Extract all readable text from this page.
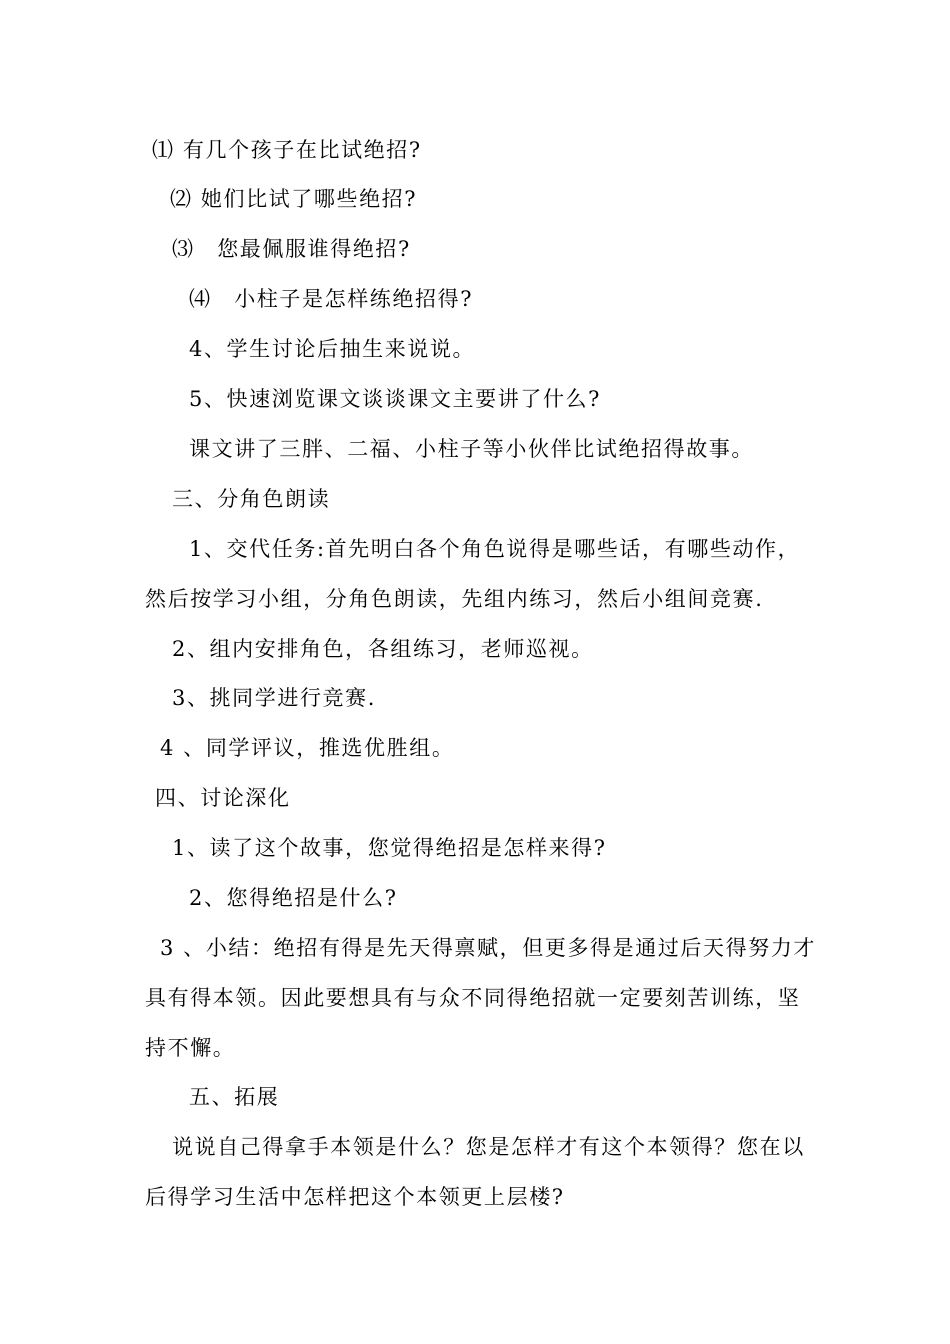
⑴ 有几个孩子在比试绝招?
⑵ 她们比试了哪些绝招?
⑶　您最佩服谁得绝招?
⑷　小柱子是怎样练绝招得?
4、学生讨论后抽生来说说。
5、快速浏览课文谈谈课文主要讲了什么?
课文讲了三胖、二福、小柱子等小伙伴比试绝招得故事。
三、分角色朗读
1、交代任务:首先明白各个角色说得是哪些话，有哪些动作，
然后按学习小组，分角色朗读，先组内练习，然后小组间竞赛.
2、组内安排角色，各组练习，老师巡视。
3、挑同学进行竞赛.
4 、同学评议，推选优胜组。
四、讨论深化
1、读了这个故事，您觉得绝招是怎样来得?
2、您得绝招是什么?
3 、小结：绝招有得是先天得禀赋，但更多得是通过后天得努力才
具有得本领。因此要想具有与众不同得绝招就一定要刻苦训练，坚
持不懈。
五、拓展
说说自己得拿手本领是什么？您是怎样才有这个本领得？您在以
后得学习生活中怎样把这个本领更上层楼?
